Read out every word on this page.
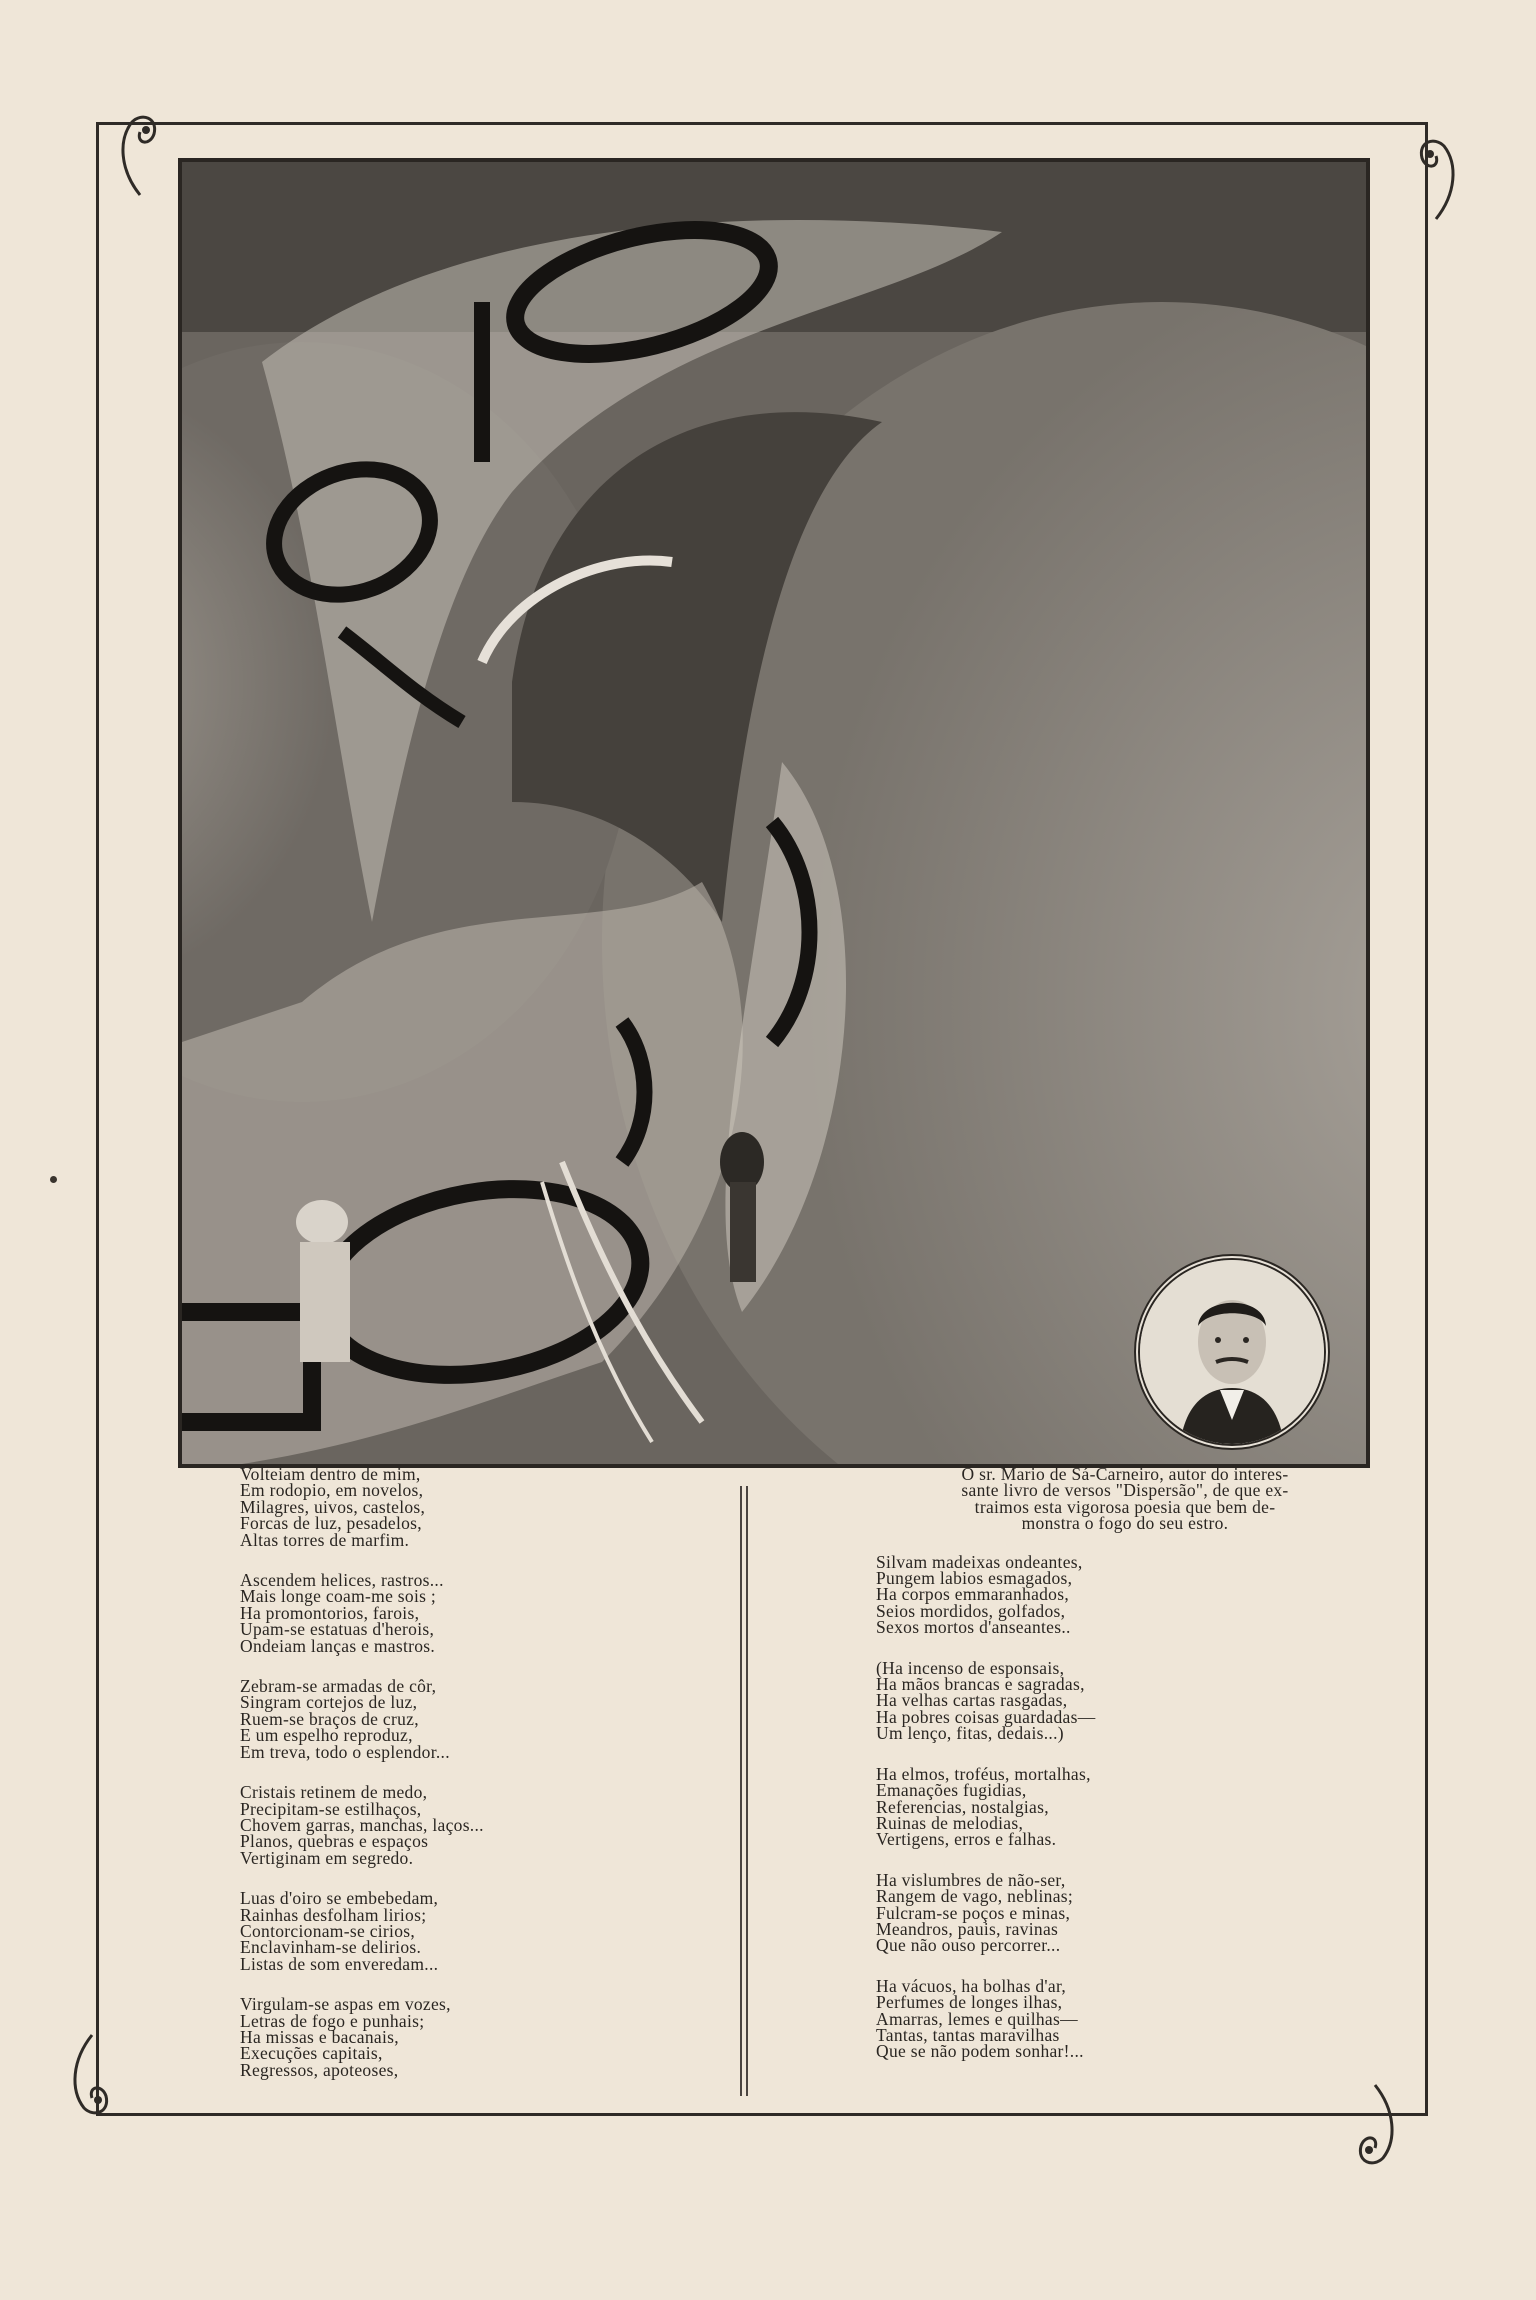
Volteiam dentro de mim,
Em rodopio, em novelos,
Milagres, uivos, castelos,
Forcas de luz, pesadelos,
Altas torres de marfim.
Ascendem helices, rastros...
Mais longe coam-me sois ;
Ha promontorios, farois,
Upam-se estatuas d'herois,
Ondeiam lanças e mastros.
Zebram-se armadas de côr,
Singram cortejos de luz,
Ruem-se braços de cruz,
E um espelho reproduz,
Em treva, todo o esplendor...
Cristais retinem de medo,
Precipitam-se estilhaços,
Chovem garras, manchas, laços...
Planos, quebras e espaços
Vertiginam em segredo.
Luas d'oiro se embebedam,
Rainhas desfolham lirios;
Contorcionam-se cirios,
Enclavinham-se delirios.
Listas de som enveredam...
Virgulam-se aspas em vozes,
Letras de fogo e punhais;
Ha missas e bacanais,
Execuções capitais,
Regressos, apoteoses,
O sr. Mario de Sá-Carneiro, autor do interes-
sante livro de versos "Dispersão", de que ex-
traimos esta vigorosa poesia que bem de-
monstra o fogo do seu estro.
Silvam madeixas ondeantes,
Pungem labios esmagados,
Ha corpos emmaranhados,
Seios mordidos, golfados,
Sexos mortos d'anseantes..
(Ha incenso de esponsais,
Ha mãos brancas e sagradas,
Ha velhas cartas rasgadas,
Ha pobres coisas guardadas—
Um lenço, fitas, dedais...)
Ha elmos, troféus, mortalhas,
Emanações fugidias,
Referencias, nostalgias,
Ruinas de melodias,
Vertigens, erros e falhas.
Ha vislumbres de não-ser,
Rangem de vago, neblinas;
Fulcram-se poços e minas,
Meandros, pauis, ravinas
Que não ouso percorrer...
Ha vácuos, ha bolhas d'ar,
Perfumes de longes ilhas,
Amarras, lemes e quilhas—
Tantas, tantas maravilhas
Que se não podem sonhar!...
